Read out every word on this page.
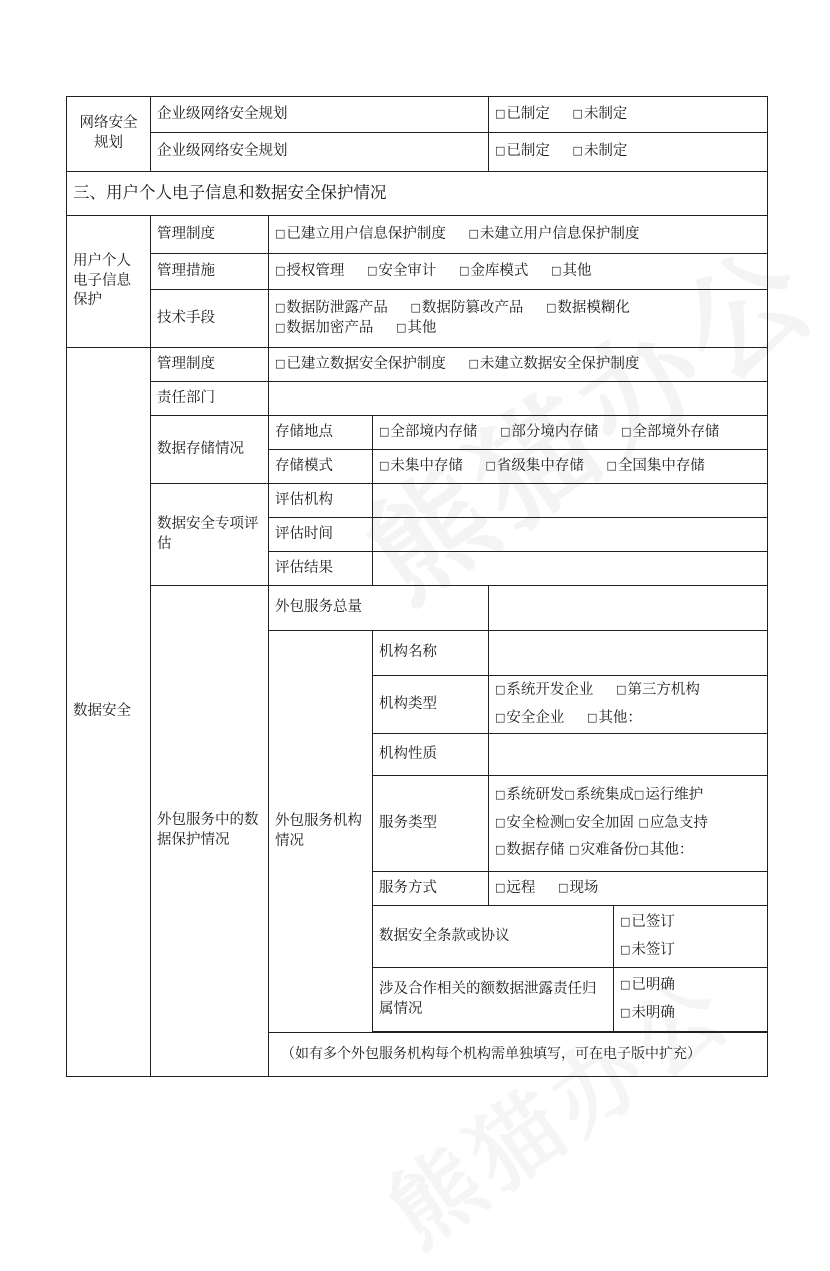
网络安全规划	企业级网络安全规划			□ 已制定 □ 未制定
	企业级网络安全规划			□ 已制定 □ 未制定
三、用户个人电子信息和数据安全保护情况					
用户个人电子信息保护	管理制度	□ 已建立用户信息保护制度 □ 未建立用户信息保护制度
	管理措施	□ 授权管理 □ 安全审计 □ 金库模式 □ 其他
	技术手段	□ 数据防泄露产品 □ 数据防篡改产品 □ 数据模糊化 □ 数据加密产品 □ 其他
数据安全	管理制度	□ 已建立数据安全保护制度 □ 未建立数据安全保护制度
	责任部门				
	数据存储情况	存储地点	□ 全部境内存储 □ 部分境内存储 □ 全部境外存储
		存储模式	□ 未集中存储 □ 省级集中存储 □ 全国集中存储
	数据安全专项评估	评估机构			
		评估时间			
		评估结果			
	外包服务中的数据保护情况	外包服务总量			
		外包服务机构情况	机构名称		
			机构类型	□ 系统开发企业 □ 第三方机构 □ 安全企业 □ 其他：
			机构性质		
			服务类型	□ 系统研发 □ 系统集成 □ 运行维护
□ 安全检测 □ 安全加固 □ 应急支持
□ 数据存储 □ 灾难备份 □ 其他：
			服务方式	□ 远程 □ 现场
			数据安全条款或协议		□ 已签订
□ 未签订

			涉及合作相关的额数据泄露责任归属情况		□ 已明确
□ 未明确

		（如有多个外包服务机构每个机构需单独填写，可在电子版中扩充）			
